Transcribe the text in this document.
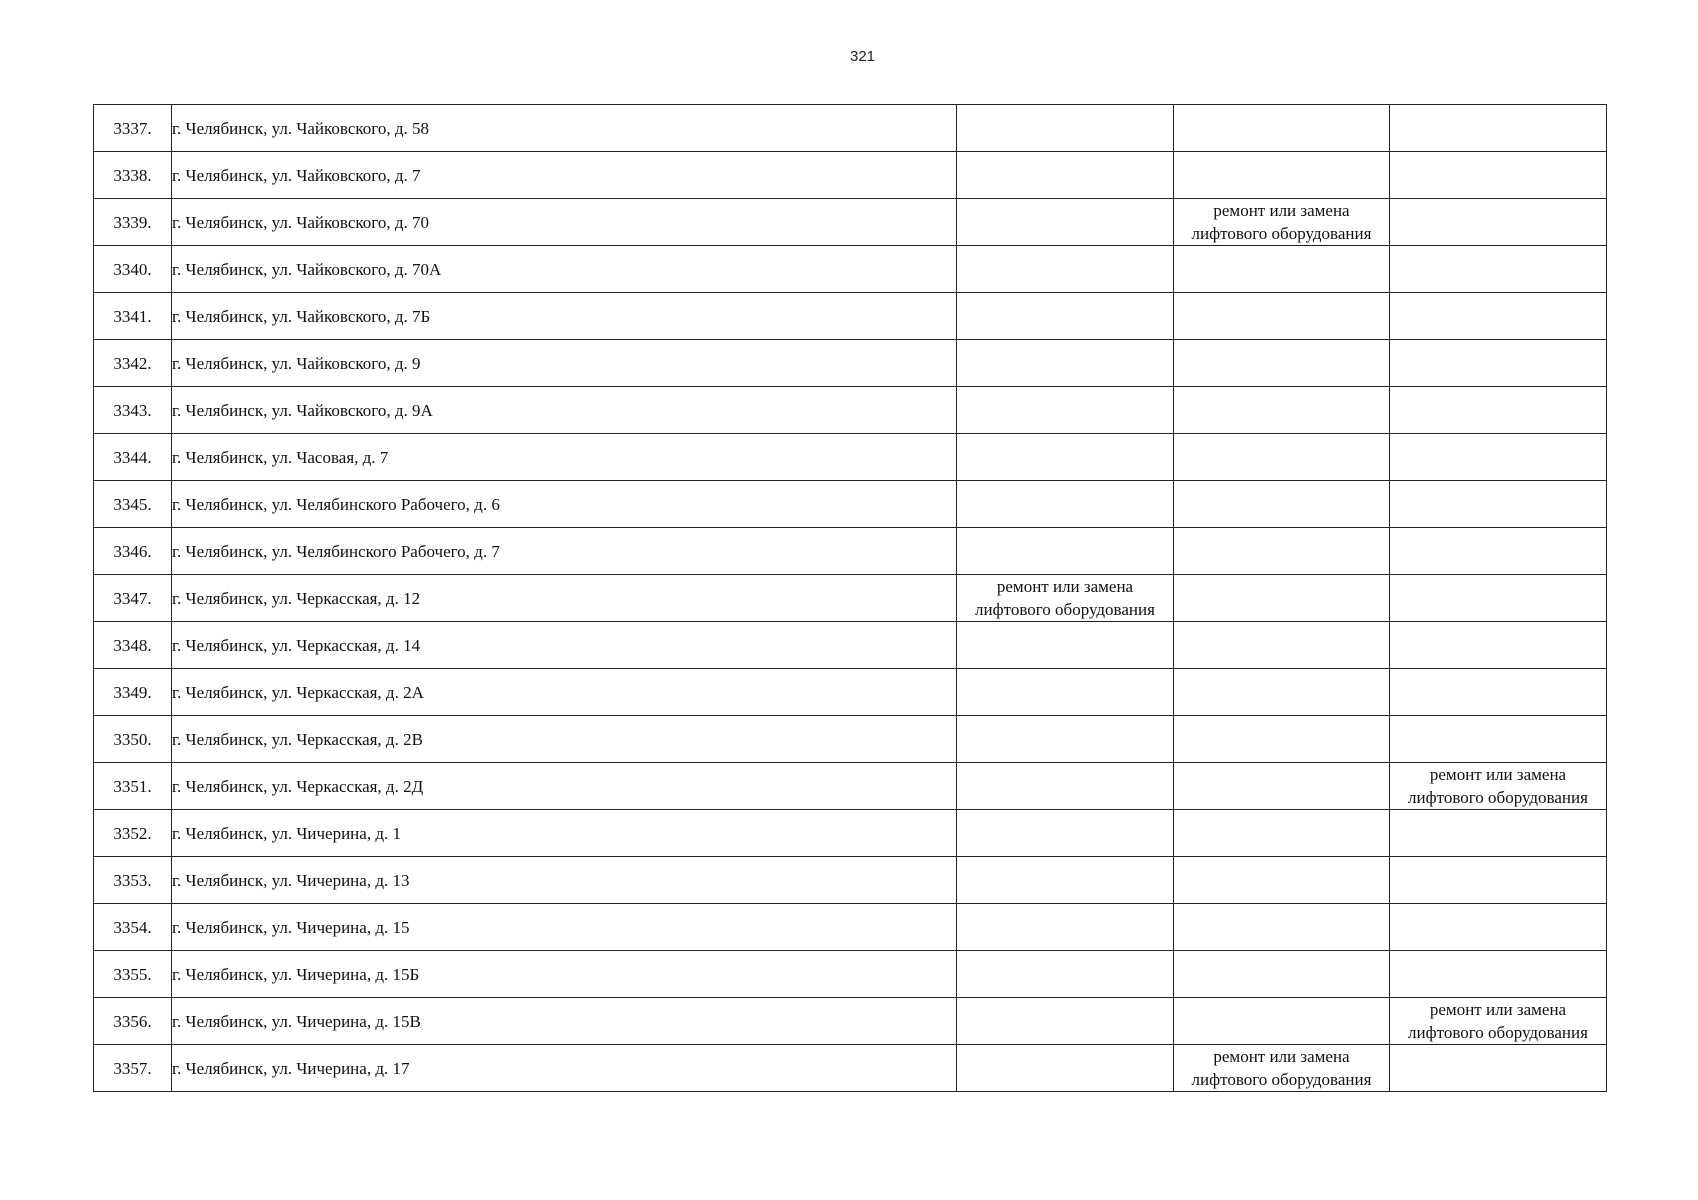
321
3337.	г. Челябинск, ул. Чайковского, д. 58			
3338.	г. Челябинск, ул. Чайковского, д. 7			
3339.	г. Челябинск, ул. Чайковского, д. 70		ремонт или замена
лифтового оборудования	

3340.	г. Челябинск, ул. Чайковского, д. 70А			
3341.	г. Челябинск, ул. Чайковского, д. 7Б			
3342.	г. Челябинск, ул. Чайковского, д. 9			
3343.	г. Челябинск, ул. Чайковского, д. 9А			
3344.	г. Челябинск, ул. Часовая, д. 7			
3345.	г. Челябинск, ул. Челябинского Рабочего, д. 6			
3346.	г. Челябинск, ул. Челябинского Рабочего, д. 7			
3347.	г. Челябинск, ул. Черкасская, д. 12	ремонт или замена
лифтового оборудования		

3348.	г. Челябинск, ул. Черкасская, д. 14			
3349.	г. Челябинск, ул. Черкасская, д. 2А			
3350.	г. Челябинск, ул. Черкасская, д. 2В			
3351.	г. Челябинск, ул. Черкасская, д. 2Д			ремонт или замена
лифтового оборудования

3352.	г. Челябинск, ул. Чичерина, д. 1			
3353.	г. Челябинск, ул. Чичерина, д. 13			
3354.	г. Челябинск, ул. Чичерина, д. 15			
3355.	г. Челябинск, ул. Чичерина, д. 15Б			
3356.	г. Челябинск, ул. Чичерина, д. 15В			ремонт или замена
лифтового оборудования

3357.	г. Челябинск, ул. Чичерина, д. 17		ремонт или замена
лифтового оборудования	
